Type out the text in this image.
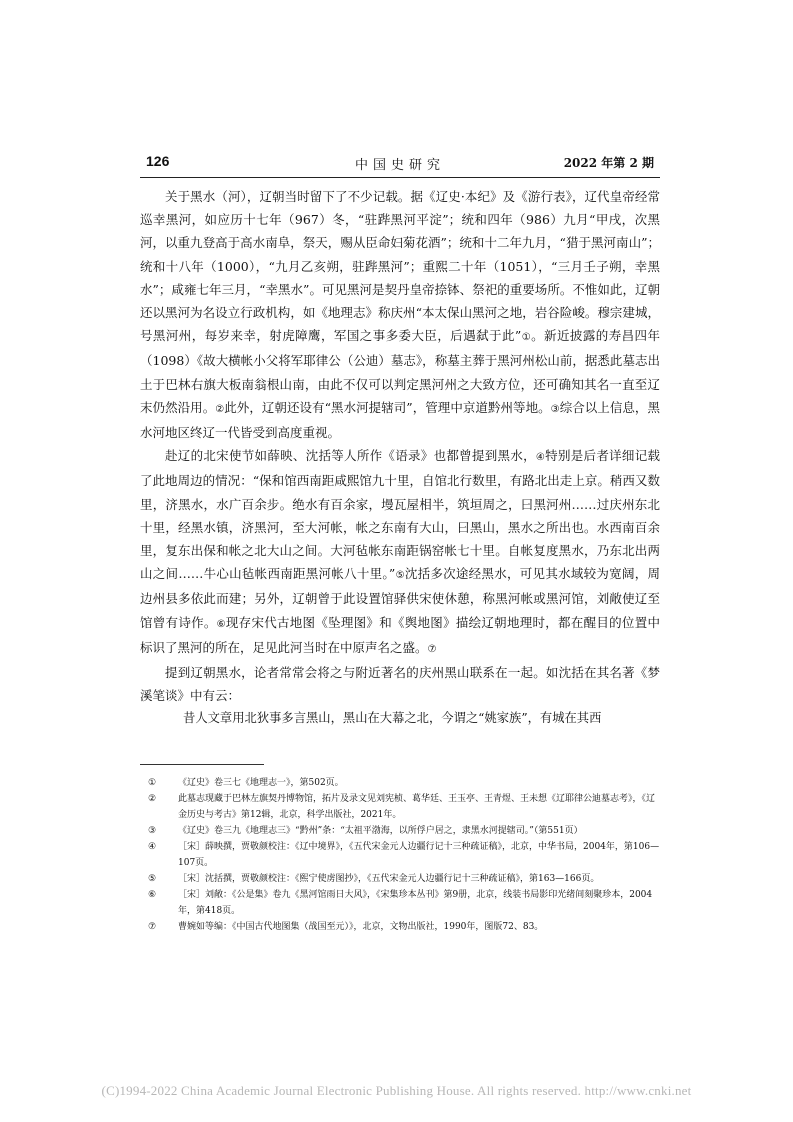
126	中国史研究	2022 年第 2 期

关于黑水（河），辽朝当时留下了不少记载。据《辽史·本纪》及《游行表》，辽代皇帝经常巡幸黑河，如应历十七年（967）冬，“驻跸黑河平淀”；统和四年（986）九月“甲戌，次黑河，以重九登高于高水南阜，祭天，赐从臣命妇菊花酒”；统和十二年九月，“猎于黑河南山”；统和十八年（1000），“九月乙亥朔，驻跸黑河”；重熙二十年（1051），“三月壬子朔，幸黑水”；咸雍七年三月，“幸黑水”。可见黑河是契丹皇帝捺钵、祭祀的重要场所。不惟如此，辽朝还以黑河为名设立行政机构，如《地理志》称庆州“本太保山黑河之地，岩谷险峻。穆宗建城，号黑河州，每岁来幸，射虎障鹰，军国之事多委大臣，后遇弑于此”①。新近披露的寿昌四年（1098）《故大横帐小父将军耶律公（公迪）墓志》，称墓主葬于黑河州松山前，据悉此墓志出土于巴林右旗大板南翁根山南，由此不仅可以判定黑河州之大致方位，还可确知其名一直至辽末仍然沿用。②此外，辽朝还设有“黑水河提辖司”，管理中京道黔州等地。③综合以上信息，黑水河地区终辽一代皆受到高度重视。

赴辽的北宋使节如薛映、沈括等人所作《语录》也都曾提到黑水，④特别是后者详细记载了此地周边的情况：“保和馆西南距咸熙馆九十里，自馆北行数里，有路北出走上京。稍西又数里，济黑水，水广百余步。绝水有百余家，墁瓦屋相半，筑垣周之，曰黑河州……过庆州东北十里，经黑水镇，济黑河，至大河帐，帐之东南有大山，曰黑山，黑水之所出也。水西南百余里，复东出保和帐之北大山之间。大河毡帐东南距锅窑帐七十里。自帐复度黑水，乃东北出两山之间……牛心山毡帐西南距黑河帐八十里。”⑤沈括多次途经黑水，可见其水域较为宽阔，周边州县多依此而建；另外，辽朝曾于此设置馆驿供宋使休憩，称黑河帐或黑河馆，刘敞使辽至馆曾有诗作。⑥现存宋代古地图《坠理图》和《舆地图》描绘辽朝地理时，都在醒目的位置中标识了黑河的所在，足见此河当时在中原声名之盛。⑦

提到辽朝黑水，论者常常会将之与附近著名的庆州黑山联系在一起。如沈括在其名著《梦溪笔谈》中有云：

昔人文章用北狄事多言黑山，黑山在大幕之北，今谓之“姚家族”，有城在其西

① 《辽史》卷三七《地理志一》，第502页。
② 此墓志现藏于巴林左旗契丹博物馆，拓片及录文见刘宪桢、葛华廷、王玉亭、王青煜、王未想《辽耶律公迪墓志考》，《辽金历史与考古》第12辑，北京，科学出版社，2021年。
③ 《辽史》卷三九《地理志三》“黔州”条：“太祖平渤海，以所俘户居之，隶黑水河提辖司。”（第551页）
④ ［宋］薛映撰，贾敬颜校注：《辽中境界》，《五代宋金元人边疆行记十三种疏证稿》，北京，中华书局，2004年，第106—107页。
⑤ ［宋］沈括撰，贾敬颜校注：《熙宁使虏图抄》，《五代宋金元人边疆行记十三种疏证稿》，第163—166页。
⑥ ［宋］刘敞：《公是集》卷九《黑河馆雨日大风》，《宋集珍本丛刊》第9册，北京，线装书局影印光绪间刻聚珍本，2004年，第418页。
⑦ 曹婉如等编：《中国古代地图集（战国至元）》，北京，文物出版社，1990年，图版72、83。
(C)1994-2022 China Academic Journal Electronic Publishing House. All rights reserved. http://www.cnki.net
